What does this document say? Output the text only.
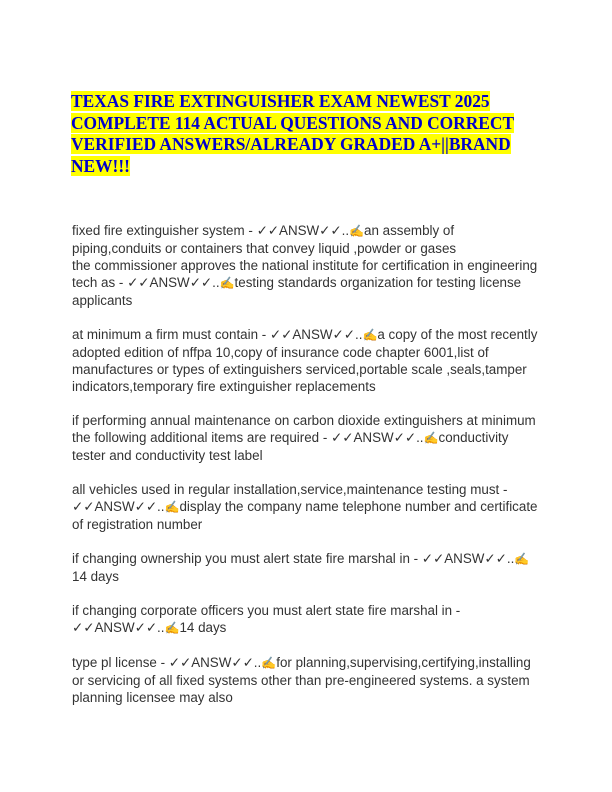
TEXAS FIRE EXTINGUISHER EXAM NEWEST 2025 COMPLETE 114 ACTUAL QUESTIONS AND CORRECT VERIFIED ANSWERS/ALREADY GRADED A+||BRAND NEW!!!

fixed fire extinguisher system - ✓✓ANSW✓✓..✍an assembly of piping,conduits or containers that convey liquid ,powder or gases

the commissioner approves the national institute for certification in engineering tech as - ✓✓ANSW✓✓..✍testing standards organization for testing license applicants

at minimum a firm must contain - ✓✓ANSW✓✓..✍a copy of the most recently adopted edition of nffpa 10,copy of insurance code chapter 6001,list of manufactures or types of extinguishers serviced,portable scale ,seals,tamper indicators,temporary fire extinguisher replacements

if performing annual maintenance on carbon dioxide extinguishers at minimum the following additional items are required - ✓✓ANSW✓✓..✍conductivity tester and conductivity test label

all vehicles used in regular installation,service,maintenance testing must - ✓✓ANSW✓✓..✍display the company name telephone number and certificate of registration number

if changing ownership you must alert state fire marshal in - ✓✓ANSW✓✓..✍14 days

if changing corporate officers you must alert state fire marshal in - ✓✓ANSW✓✓..✍14 days

type pl license - ✓✓ANSW✓✓..✍for planning,supervising,certifying,installing or servicing of all fixed systems other than pre-engineered systems. a system planning licensee may also
